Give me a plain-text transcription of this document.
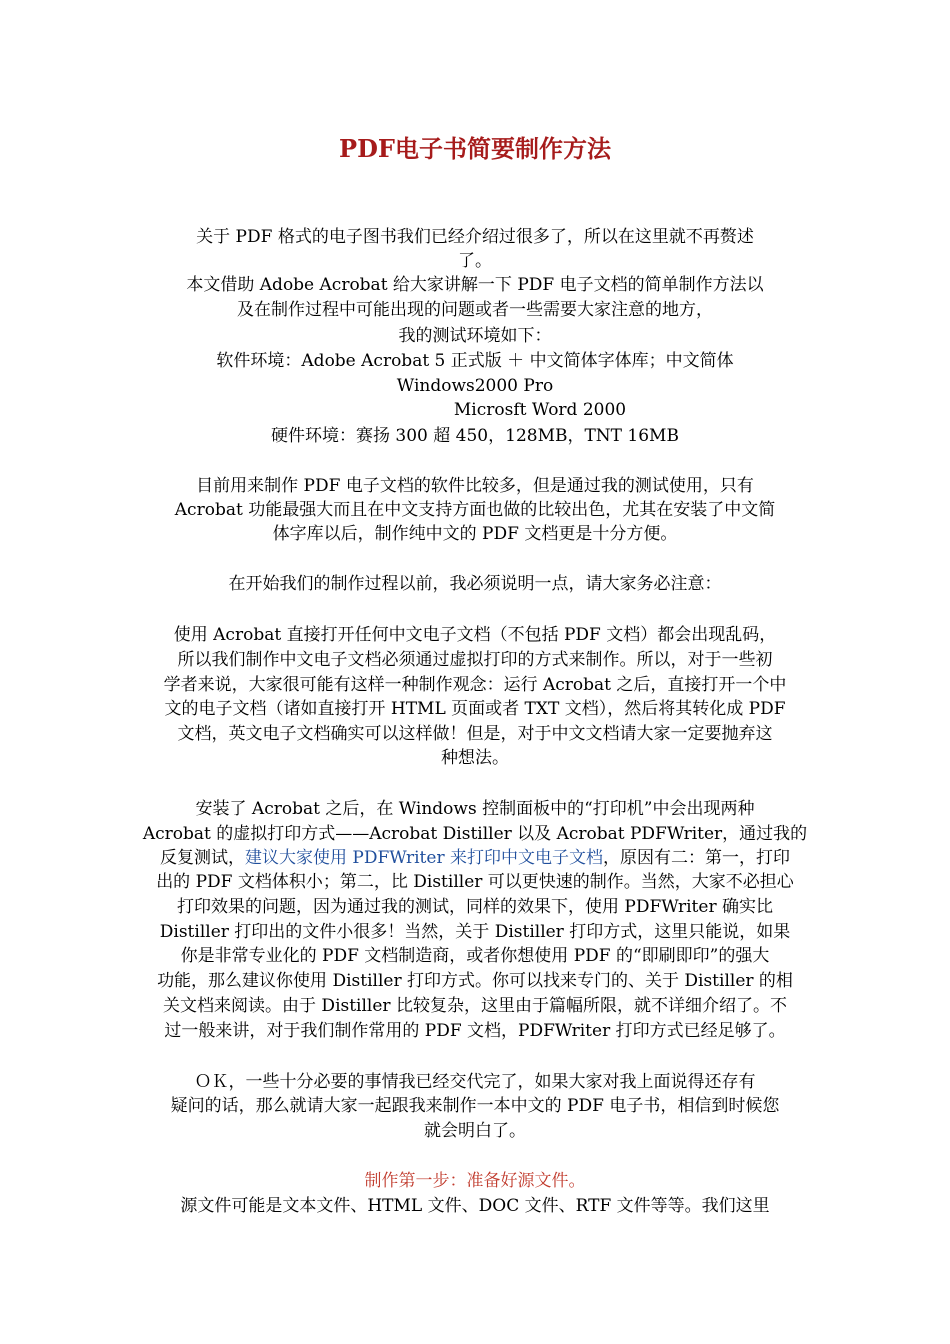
PDF电子书简要制作方法
关于 PDF 格式的电子图书我们已经介绍过很多了，所以在这里就不再赘述
了。
本文借助 Adobe Acrobat 给大家讲解一下 PDF 电子文档的简单制作方法以
及在制作过程中可能出现的问题或者一些需要大家注意的地方，
我的测试环境如下：
软件环境：Adobe Acrobat 5 正式版 ＋ 中文简体字体库；中文简体
Windows2000 Pro
Microsft Word 2000
硬件环境：赛扬 300 超 450，128MB，TNT 16MB
目前用来制作 PDF 电子文档的软件比较多，但是通过我的测试使用，只有
Acrobat 功能最强大而且在中文支持方面也做的比较出色，尤其在安装了中文简
体字库以后，制作纯中文的 PDF 文档更是十分方便。
在开始我们的制作过程以前，我必须说明一点，请大家务必注意：
使用 Acrobat 直接打开任何中文电子文档（不包括 PDF 文档）都会出现乱码，
所以我们制作中文电子文档必须通过虚拟打印的方式来制作。所以，对于一些初
学者来说，大家很可能有这样一种制作观念：运行 Acrobat 之后，直接打开一个中
文的电子文档（诸如直接打开 HTML 页面或者 TXT 文档），然后将其转化成 PDF
文档，英文电子文档确实可以这样做！但是，对于中文文档请大家一定要抛弃这
种想法。
安装了 Acrobat 之后，在 Windows 控制面板中的“打印机”中会出现两种
Acrobat 的虚拟打印方式——Acrobat Distiller 以及 Acrobat PDFWriter，通过我的
反复测试，建议大家使用 PDFWriter 来打印中文电子文档，原因有二：第一，打印
出的 PDF 文档体积小；第二，比 Distiller 可以更快速的制作。当然，大家不必担心
打印效果的问题，因为通过我的测试，同样的效果下，使用 PDFWriter 确实比
Distiller 打印出的文件小很多！当然，关于 Distiller 打印方式，这里只能说，如果
你是非常专业化的 PDF 文档制造商，或者你想使用 PDF 的“即刷即印”的强大
功能，那么建议你使用 Distiller 打印方式。你可以找来专门的、关于 Distiller 的相
关文档来阅读。由于 Distiller 比较复杂，这里由于篇幅所限，就不详细介绍了。不
过一般来讲，对于我们制作常用的 PDF 文档，PDFWriter 打印方式已经足够了。
ＯＫ，一些十分必要的事情我已经交代完了，如果大家对我上面说得还存有
疑问的话，那么就请大家一起跟我来制作一本中文的 PDF 电子书，相信到时候您
就会明白了。
制作第一步：准备好源文件。
源文件可能是文本文件、HTML 文件、DOC 文件、RTF 文件等等。我们这里
